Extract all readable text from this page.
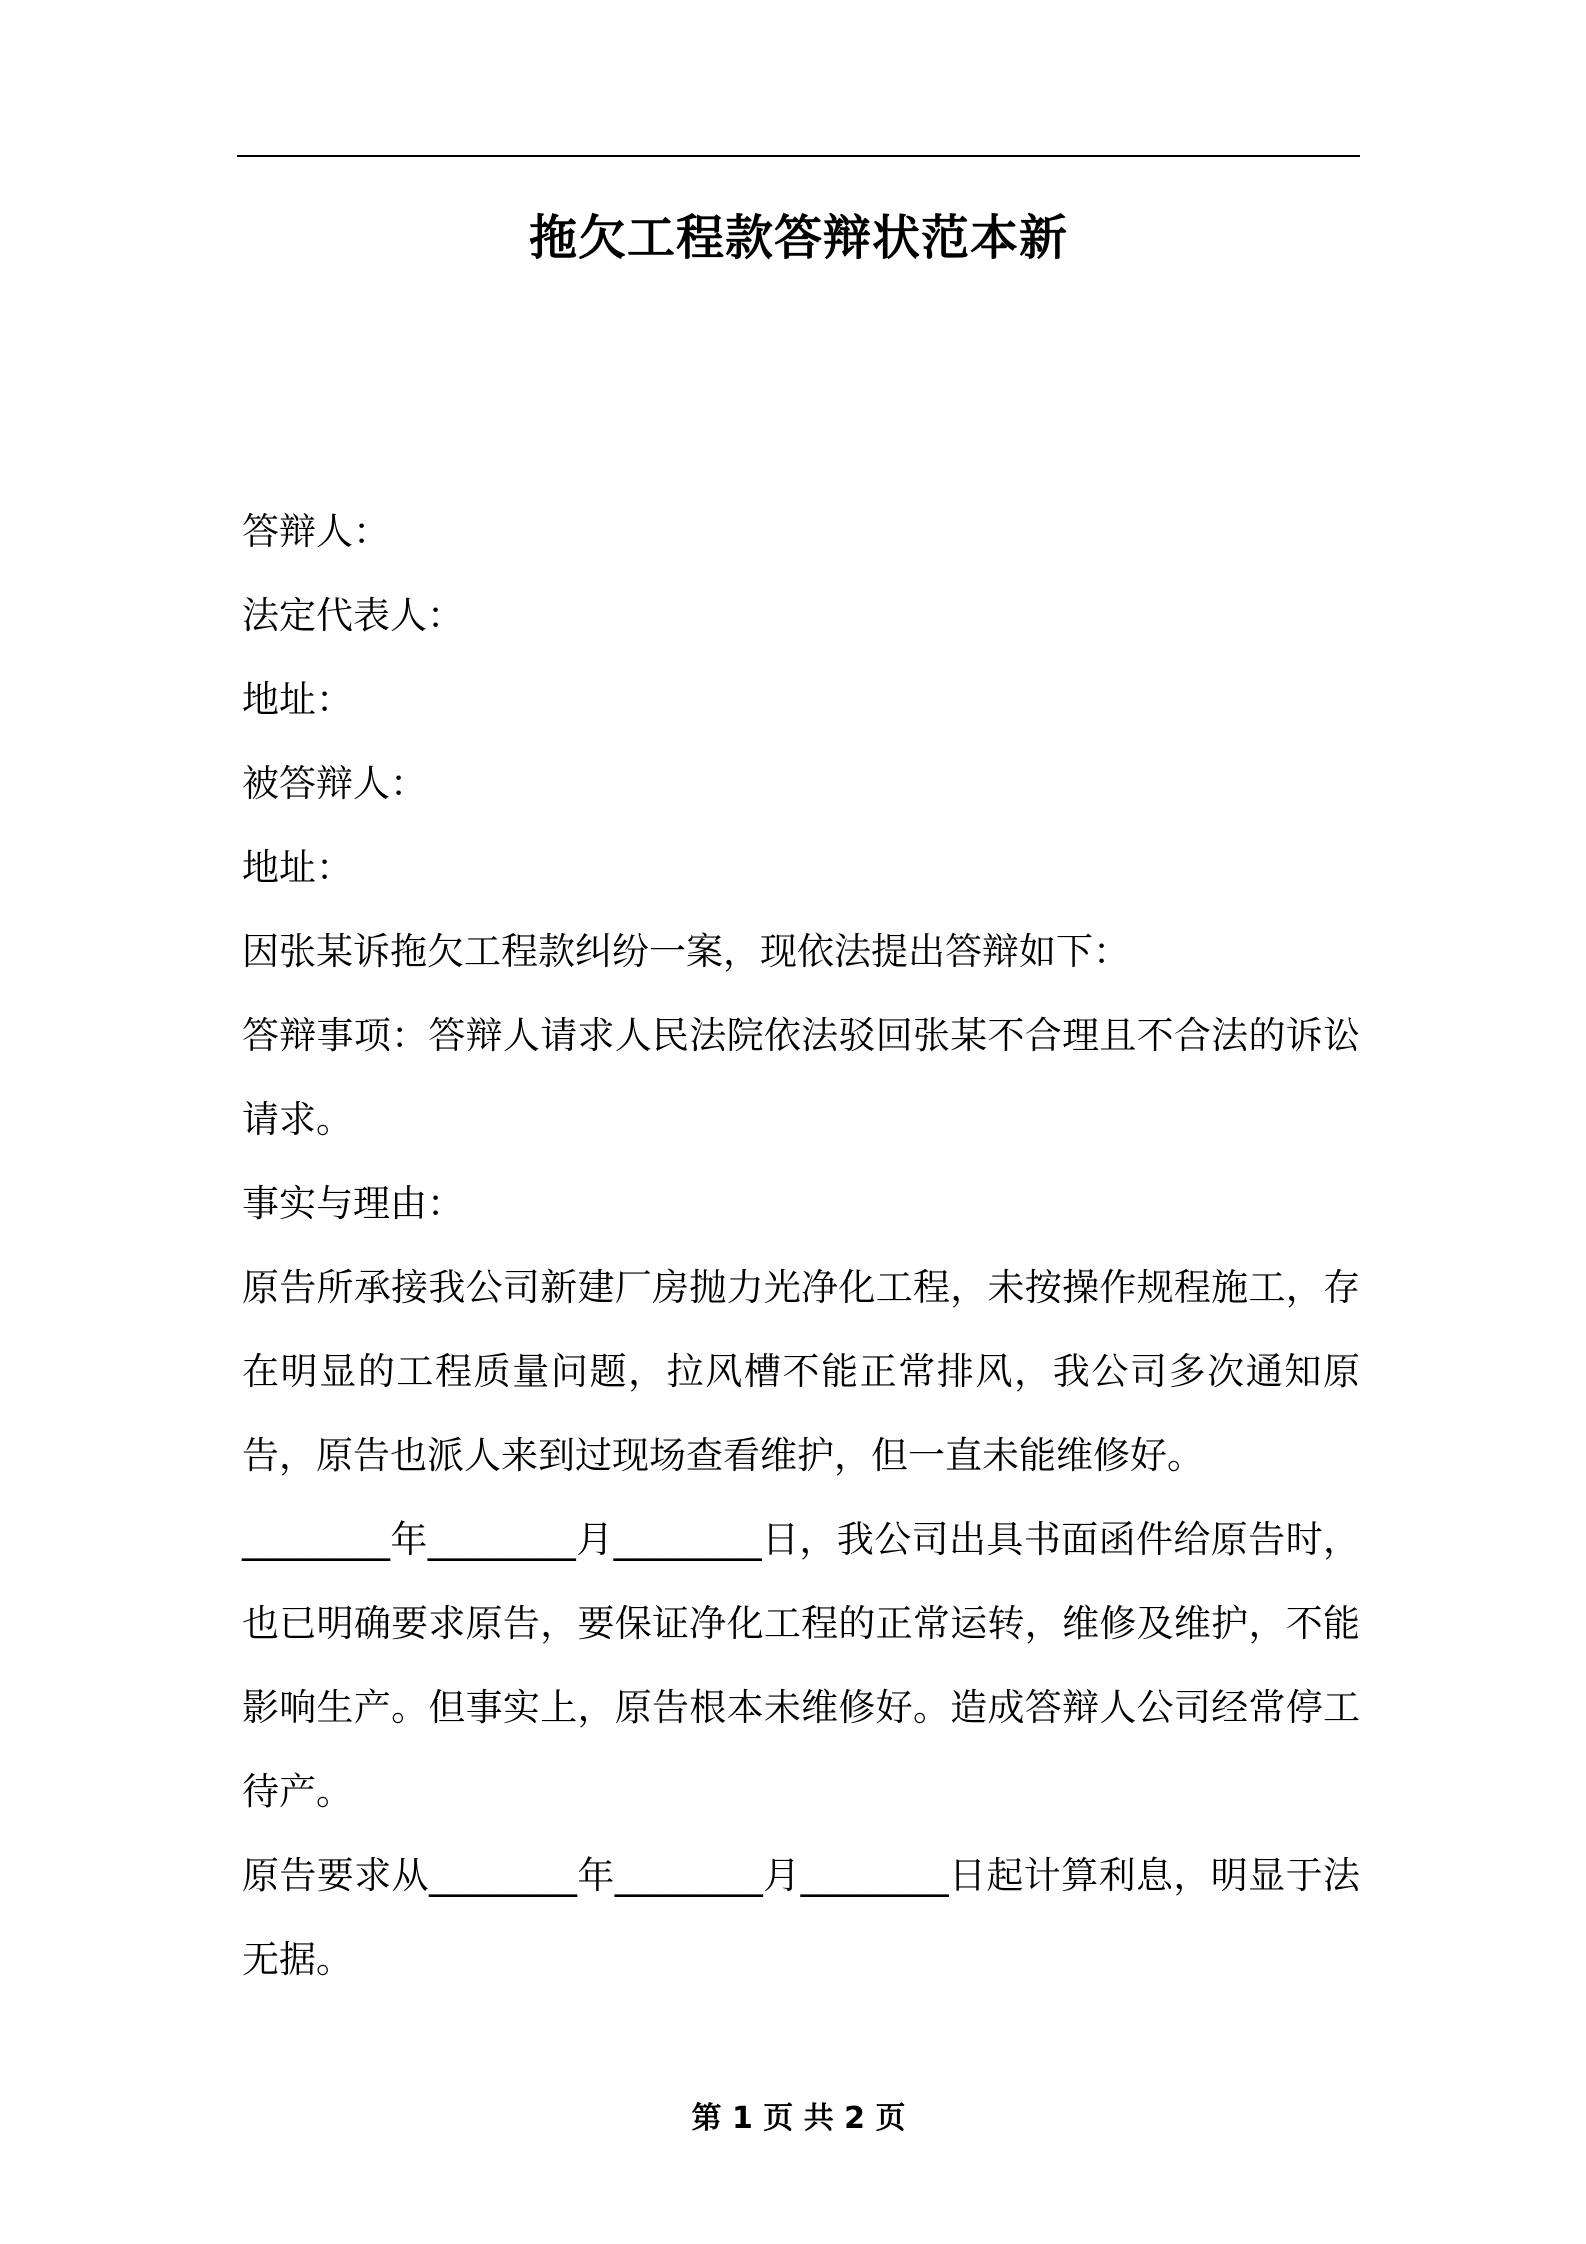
拖欠工程款答辩状范本新

答辩人：

法定代表人：

地址：

被答辩人：

地址：

因张某诉拖欠工程款纠纷一案，现依法提出答辩如下：

答辩事项：答辩人请求人民法院依法驳回张某不合理且不合法的诉讼请求。

事实与理由：

原告所承接我公司新建厂房抛力光净化工程，未按操作规程施工，存在明显的工程质量问题，拉风槽不能正常排风，我公司多次通知原告，原告也派人来到过现场查看维护，但一直未能维修好。

________年________月________日，我公司出具书面函件给原告时，也已明确要求原告，要保证净化工程的正常运转，维修及维护，不能影响生产。但事实上，原告根本未维修好。造成答辩人公司经常停工待产。

原告要求从________年________月________日起计算利息，明显于法无据。

第 1 页 共 2 页
